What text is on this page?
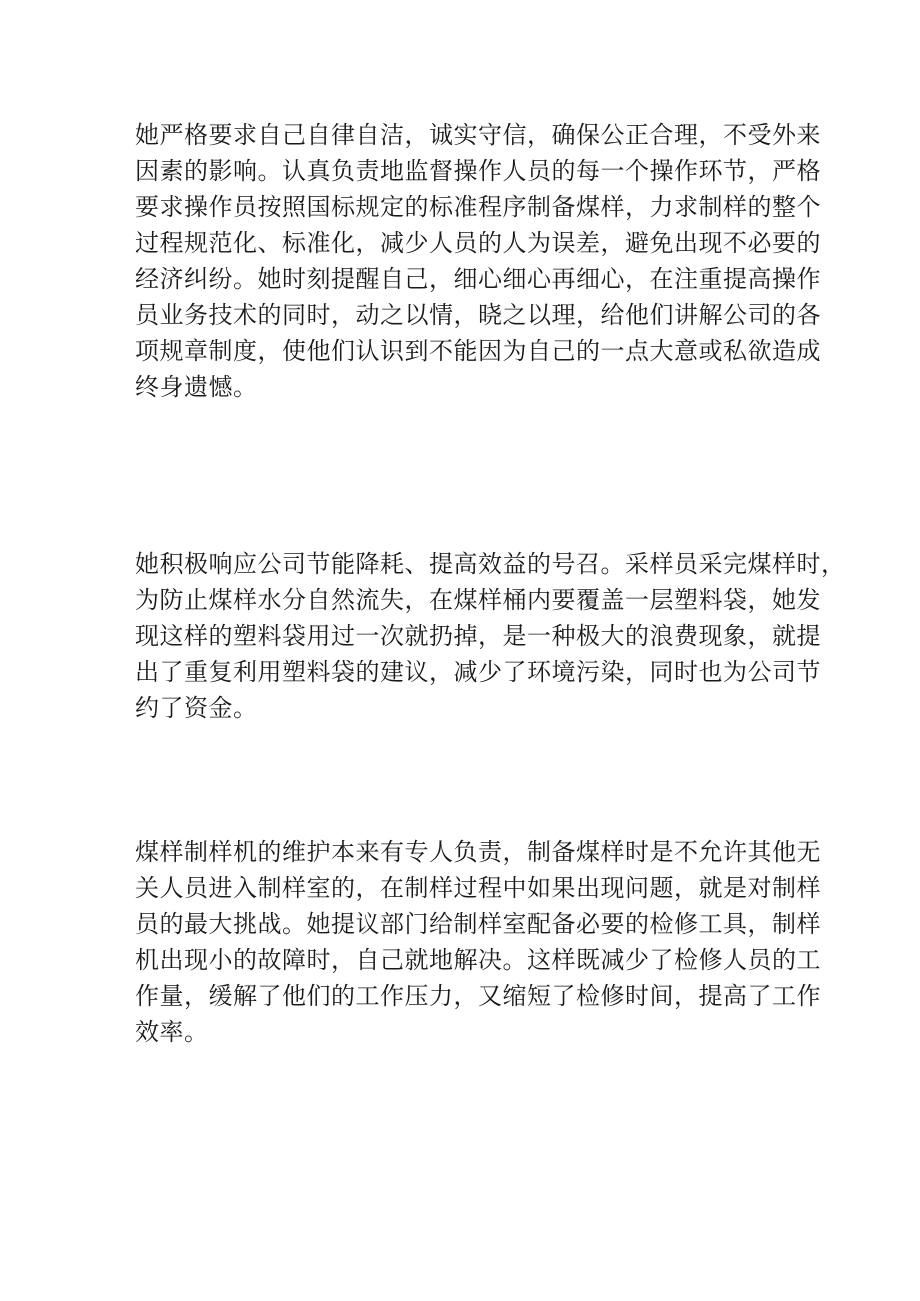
她严格要求自己自律自洁，诚实守信，确保公正合理，不受外来
因素的影响。认真负责地监督操作人员的每一个操作环节，严格
要求操作员按照国标规定的标准程序制备煤样，力求制样的整个
过程规范化、标准化，减少人员的人为误差，避免出现不必要的
经济纠纷。她时刻提醒自己，细心细心再细心，在注重提高操作
员业务技术的同时，动之以情，晓之以理，给他们讲解公司的各
项规章制度，使他们认识到不能因为自己的一点大意或私欲造成
终身遗憾。

她积极响应公司节能降耗、提高效益的号召。采样员采完煤样时，
为防止煤样水分自然流失，在煤样桶内要覆盖一层塑料袋，她发
现这样的塑料袋用过一次就扔掉，是一种极大的浪费现象，就提
出了重复利用塑料袋的建议，减少了环境污染，同时也为公司节
约了资金。

煤样制样机的维护本来有专人负责，制备煤样时是不允许其他无
关人员进入制样室的，在制样过程中如果出现问题，就是对制样
员的最大挑战。她提议部门给制样室配备必要的检修工具，制样
机出现小的故障时，自己就地解决。这样既减少了检修人员的工
作量，缓解了他们的工作压力，又缩短了检修时间，提高了工作
效率。
